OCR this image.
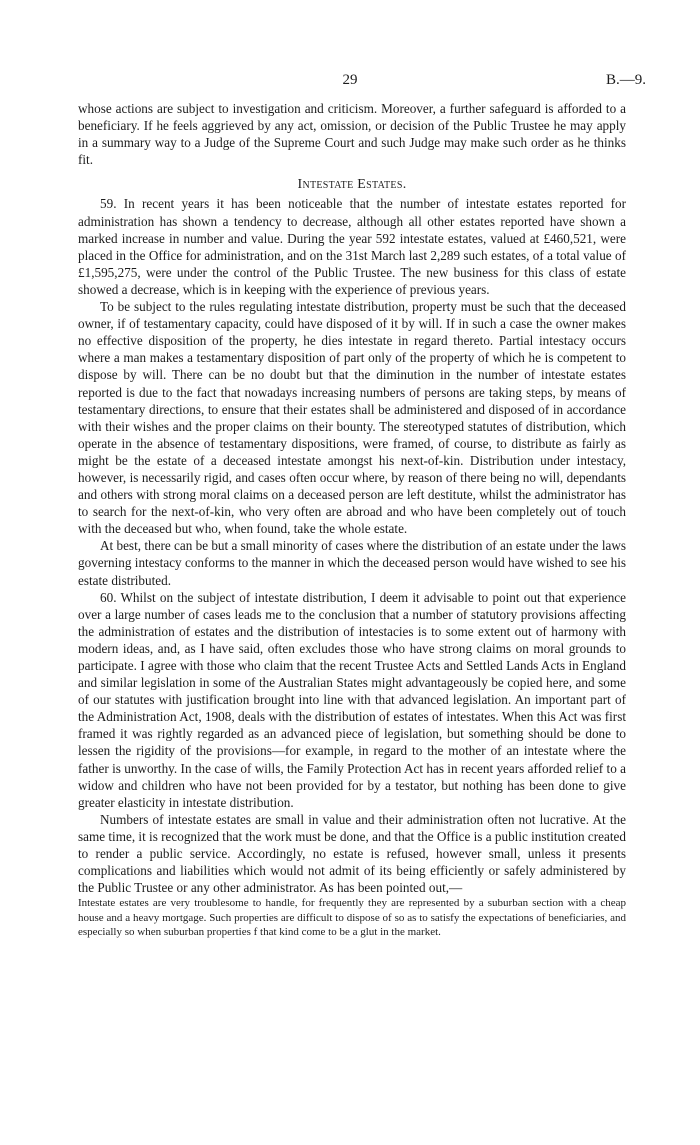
29	B.—9.

whose actions are subject to investigation and criticism. Moreover, a further safeguard is afforded to a beneficiary. If he feels aggrieved by any act, omission, or decision of the Public Trustee he may apply in a summary way to a Judge of the Supreme Court and such Judge may make such order as he thinks fit.

Intestate Estates.

59. In recent years it has been noticeable that the number of intestate estates reported for administration has shown a tendency to decrease, although all other estates reported have shown a marked increase in number and value. During the year 592 intestate estates, valued at £460,521, were placed in the Office for administration, and on the 31st March last 2,289 such estates, of a total value of £1,595,275, were under the control of the Public Trustee. The new business for this class of estate showed a decrease, which is in keeping with the experience of previous years.

To be subject to the rules regulating intestate distribution, property must be such that the deceased owner, if of testamentary capacity, could have disposed of it by will. If in such a case the owner makes no effective disposition of the property, he dies intestate in regard thereto. Partial intestacy occurs where a man makes a testamentary disposition of part only of the property of which he is competent to dispose by will. There can be no doubt but that the diminution in the number of intestate estates reported is due to the fact that nowadays increasing numbers of persons are taking steps, by means of testamentary directions, to ensure that their estates shall be administered and disposed of in accordance with their wishes and the proper claims on their bounty. The stereotyped statutes of distribution, which operate in the absence of testamentary dispositions, were framed, of course, to distribute as fairly as might be the estate of a deceased intestate amongst his next-of-kin. Distribution under intestacy, however, is necessarily rigid, and cases often occur where, by reason of there being no will, dependants and others with strong moral claims on a deceased person are left destitute, whilst the administrator has to search for the next-of-kin, who very often are abroad and who have been completely out of touch with the deceased but who, when found, take the whole estate.

At best, there can be but a small minority of cases where the distribution of an estate under the laws governing intestacy conforms to the manner in which the deceased person would have wished to see his estate distributed.

60. Whilst on the subject of intestate distribution, I deem it advisable to point out that experience over a large number of cases leads me to the conclusion that a number of statutory provisions affecting the administration of estates and the distribution of intestacies is to some extent out of harmony with modern ideas, and, as I have said, often excludes those who have strong claims on moral grounds to participate. I agree with those who claim that the recent Trustee Acts and Settled Lands Acts in England and similar legislation in some of the Australian States might advantageously be copied here, and some of our statutes with justification brought into line with that advanced legislation. An important part of the Administration Act, 1908, deals with the distribution of estates of intestates. When this Act was first framed it was rightly regarded as an advanced piece of legislation, but something should be done to lessen the rigidity of the provisions—for example, in regard to the mother of an intestate where the father is unworthy. In the case of wills, the Family Protection Act has in recent years afforded relief to a widow and children who have not been provided for by a testator, but nothing has been done to give greater elasticity in intestate distribution.

Numbers of intestate estates are small in value and their administration often not lucrative. At the same time, it is recognized that the work must be done, and that the Office is a public institution created to render a public service. Accordingly, no estate is refused, however small, unless it presents complications and liabilities which would not admit of its being efficiently or safely administered by the Public Trustee or any other administrator. As has been pointed out,—

Intestate estates are very troublesome to handle, for frequently they are represented by a suburban section with a cheap house and a heavy mortgage. Such properties are difficult to dispose of so as to satisfy the expectations of beneficiaries, and especially so when suburban properties f that kind come to be a glut in the market.
